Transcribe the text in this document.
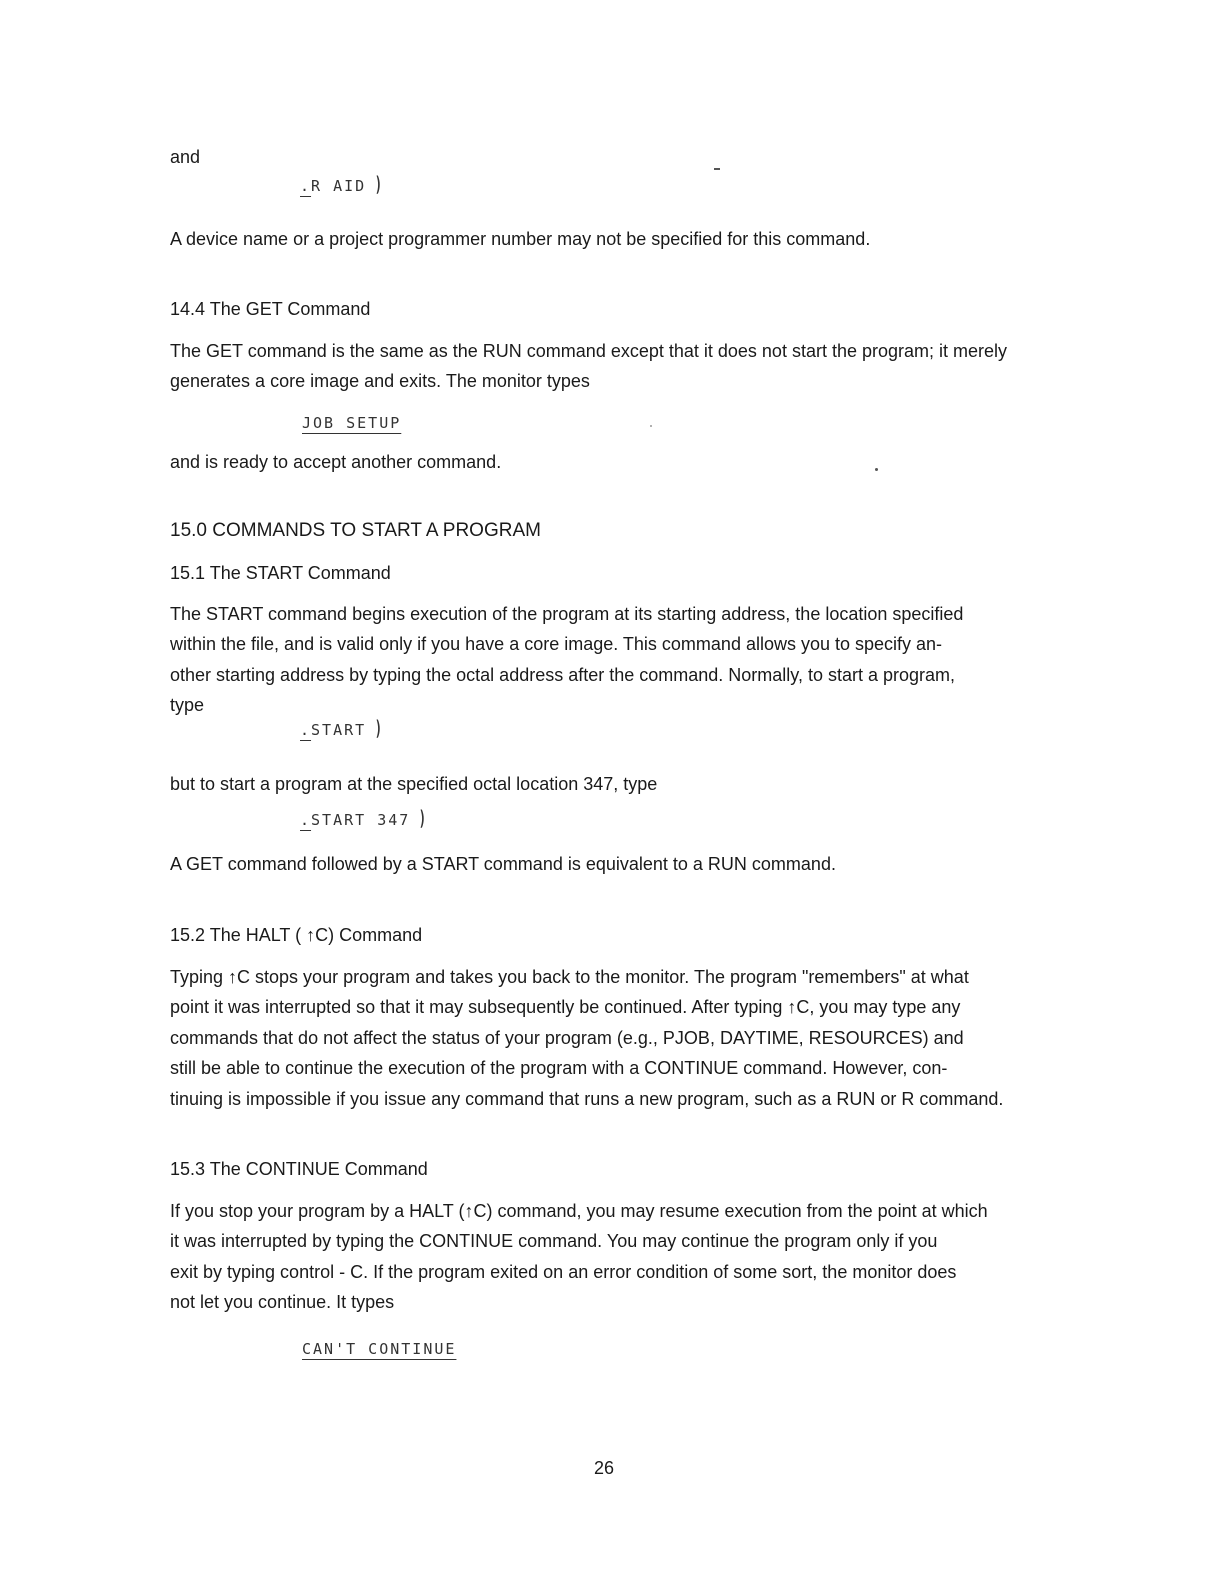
and
.R AID )
A device name or a project programmer number may not be specified for this command.
14.4 The GET Command
The GET command is the same as the RUN command except that it does not start the program; it merely
generates a core image and exits. The monitor types
JOB SETUP
and is ready to accept another command.
15.0 COMMANDS TO START A PROGRAM
15.1 The START Command
The START command begins execution of the program at its starting address, the location specified
within the file, and is valid only if you have a core image. This command allows you to specify an-
other starting address by typing the octal address after the command. Normally, to start a program,
type
.START )
but to start a program at the specified octal location 347, type
.START 347 )
A GET command followed by a START command is equivalent to a RUN command.
15.2 The HALT ( ↑C) Command
Typing ↑C stops your program and takes you back to the monitor. The program "remembers" at what
point it was interrupted so that it may subsequently be continued. After typing ↑C, you may type any
commands that do not affect the status of your program (e.g., PJOB, DAYTIME, RESOURCES) and
still be able to continue the execution of the program with a CONTINUE command. However, con-
tinuing is impossible if you issue any command that runs a new program, such as a RUN or R command.
15.3 The CONTINUE Command
If you stop your program by a HALT (↑C) command, you may resume execution from the point at which
it was interrupted by typing the CONTINUE command. You may continue the program only if you
exit by typing control - C. If the program exited on an error condition of some sort, the monitor does
not let you continue. It types
CAN'T CONTINUE
26
